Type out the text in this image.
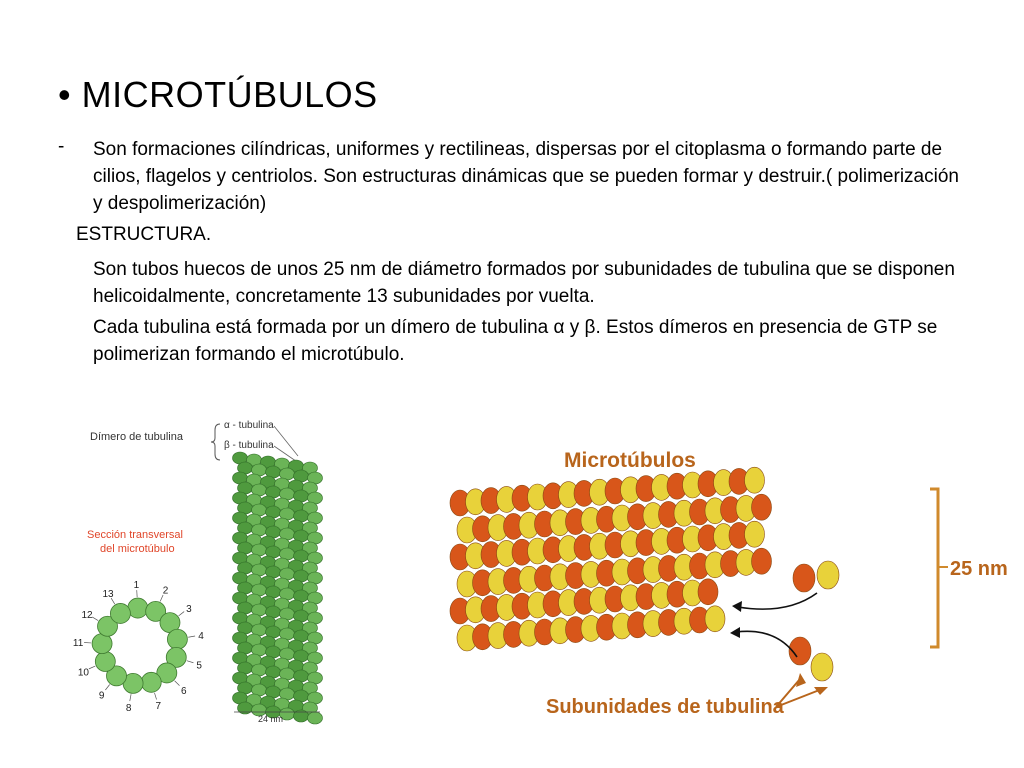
• MICROTÚBULOS
- Son formaciones cilíndricas, uniformes y rectilineas, dispersas por el citoplasma o formando parte de cilios, flagelos y centriolos. Son estructuras dinámicas que se pueden formar y destruir.( polimerización y despolimerización)
ESTRUCTURA.
Son tubos huecos de unos 25 nm de diámetro formados por subunidades de tubulina que se disponen helicoidalmente, concretamente 13 subunidades por vuelta.
Cada tubulina está formada por un dímero de tubulina α y β. Estos dímeros en presencia de GTP se polimerizan formando el microtúbulo.
Dímero de tubulina
α - tubulina
β - tubulina
Sección transversal
del microtúbulo
1 2
3
4
5
6
7
8
9
10
11
12
13
24 nm
Microtúbulos
25 nm
Subunidades de tubulina
